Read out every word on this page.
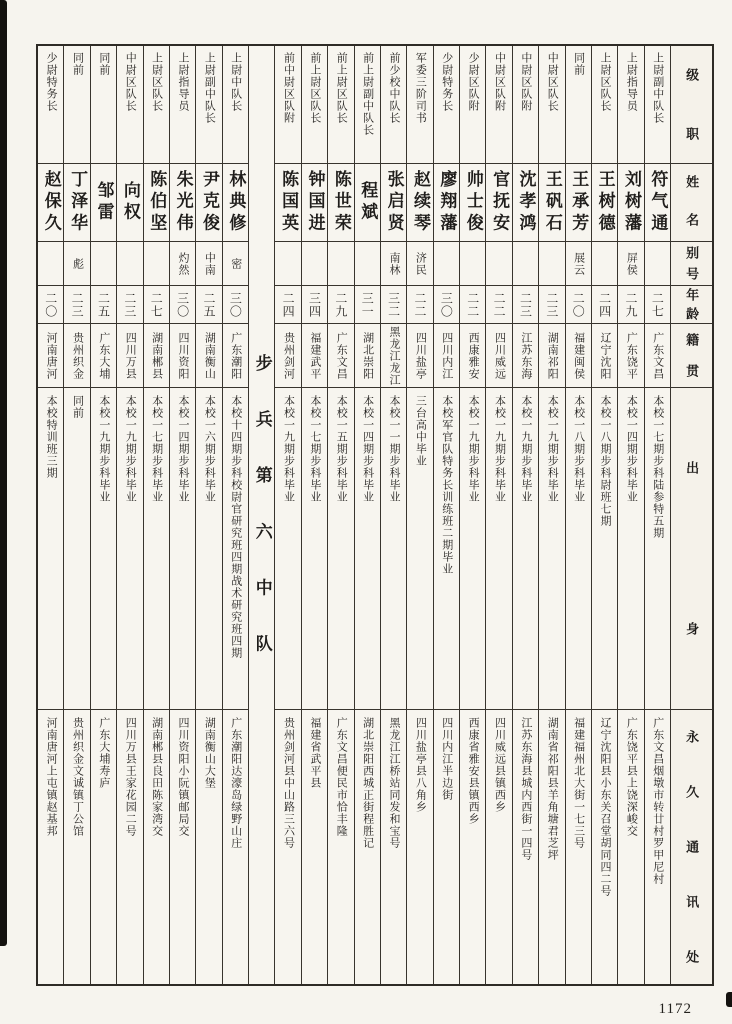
级
职
姓
名
别
号
年
龄
籍
贯
出
身
永
久
通
讯
处
上尉副中队长
符气通
二七
广东文昌
本校一七期步科陆参特五期
广东文昌烟墩市转廿村罗甲尼村
上尉指导员
刘树藩
屏侯
二九
广东饶平
本校一四期步科毕业
广东饶平县上饶深峻交
上尉区队长
王树德
二四
辽宁沈阳
本校一八期步科尉班七期
辽宁沈阳县小东关召堂胡同四二号
同前
王承芳
展云
二〇
福建闽侯
本校一八期步科毕业
福建福州北大街一七三号
中尉区队长
王矾石
二三
湖南祁阳
本校一九期步科毕业
湖南省祁阳县羊角塘君芝坪
中尉区队附
沈孝鸿
二三
江苏东海
本校一九期步科毕业
江苏东海县城内西街一四号
中尉区队附
官抚安
二二
四川威远
本校一九期步科毕业
四川威远县镇西乡
少尉区队附
帅士俊
二二
西康雅安
本校一九期步科毕业
西康省雅安县镇西乡
少尉特务长
廖翔藩
三〇
四川内江
本校军官队特务长训练班二期毕业
四川内江半边街
军委三阶司书
赵续琴
济民
二二
四川盐亭
三台高中毕业
四川盐亭县八角乡
前少校中队长
张启贤
南林
三二
黑龙江龙江
本校一一期步科毕业
黑龙江江桥站同发和宝号
前上尉副中队长
程斌
三一
湖北崇阳
本校一四期步科毕业
湖北崇阳西城正街程胜记
前上尉区队长
陈世荣
二九
广东文昌
本校一五期步科毕业
广东文昌便民市恰丰隆
前上尉区队长
钟国进
三四
福建武平
本校一七期步科毕业
福建省武平县
前中尉区队附
陈国英
二四
贵州剑河
本校一九期步科毕业
贵州剑河县中山路三六号
步兵第六中队
上尉中队长
林典修
密
三〇
广东潮阳
本校十四期步科校尉官研究班四期战术研究班四期
广东潮阳达濠岛绿野山庄
上尉副中队长
尹克俊
中南
二五
湖南衡山
本校一六期步科毕业
湖南衡山大堡
上尉指导员
朱光伟
灼然
三〇
四川资阳
本校一四期步科毕业
四川资阳小阮镇邮局交
上尉区队长
陈伯坚
二七
湖南郴县
本校一七期步科毕业
湖南郴县良田陈家湾交
中尉区队长
向权
二三
四川万县
本校一九期步科毕业
四川万县王家花园二号
同前
邹雷
二五
广东大埔
本校一九期步科毕业
广东大埔寿庐
同前
丁泽华
彪
二三
贵州织金
同前
贵州织金文诚镇丁公馆
少尉特务长
赵保久
二〇
河南唐河
本校特训班三期
河南唐河上屯镇赵基邦
1172
